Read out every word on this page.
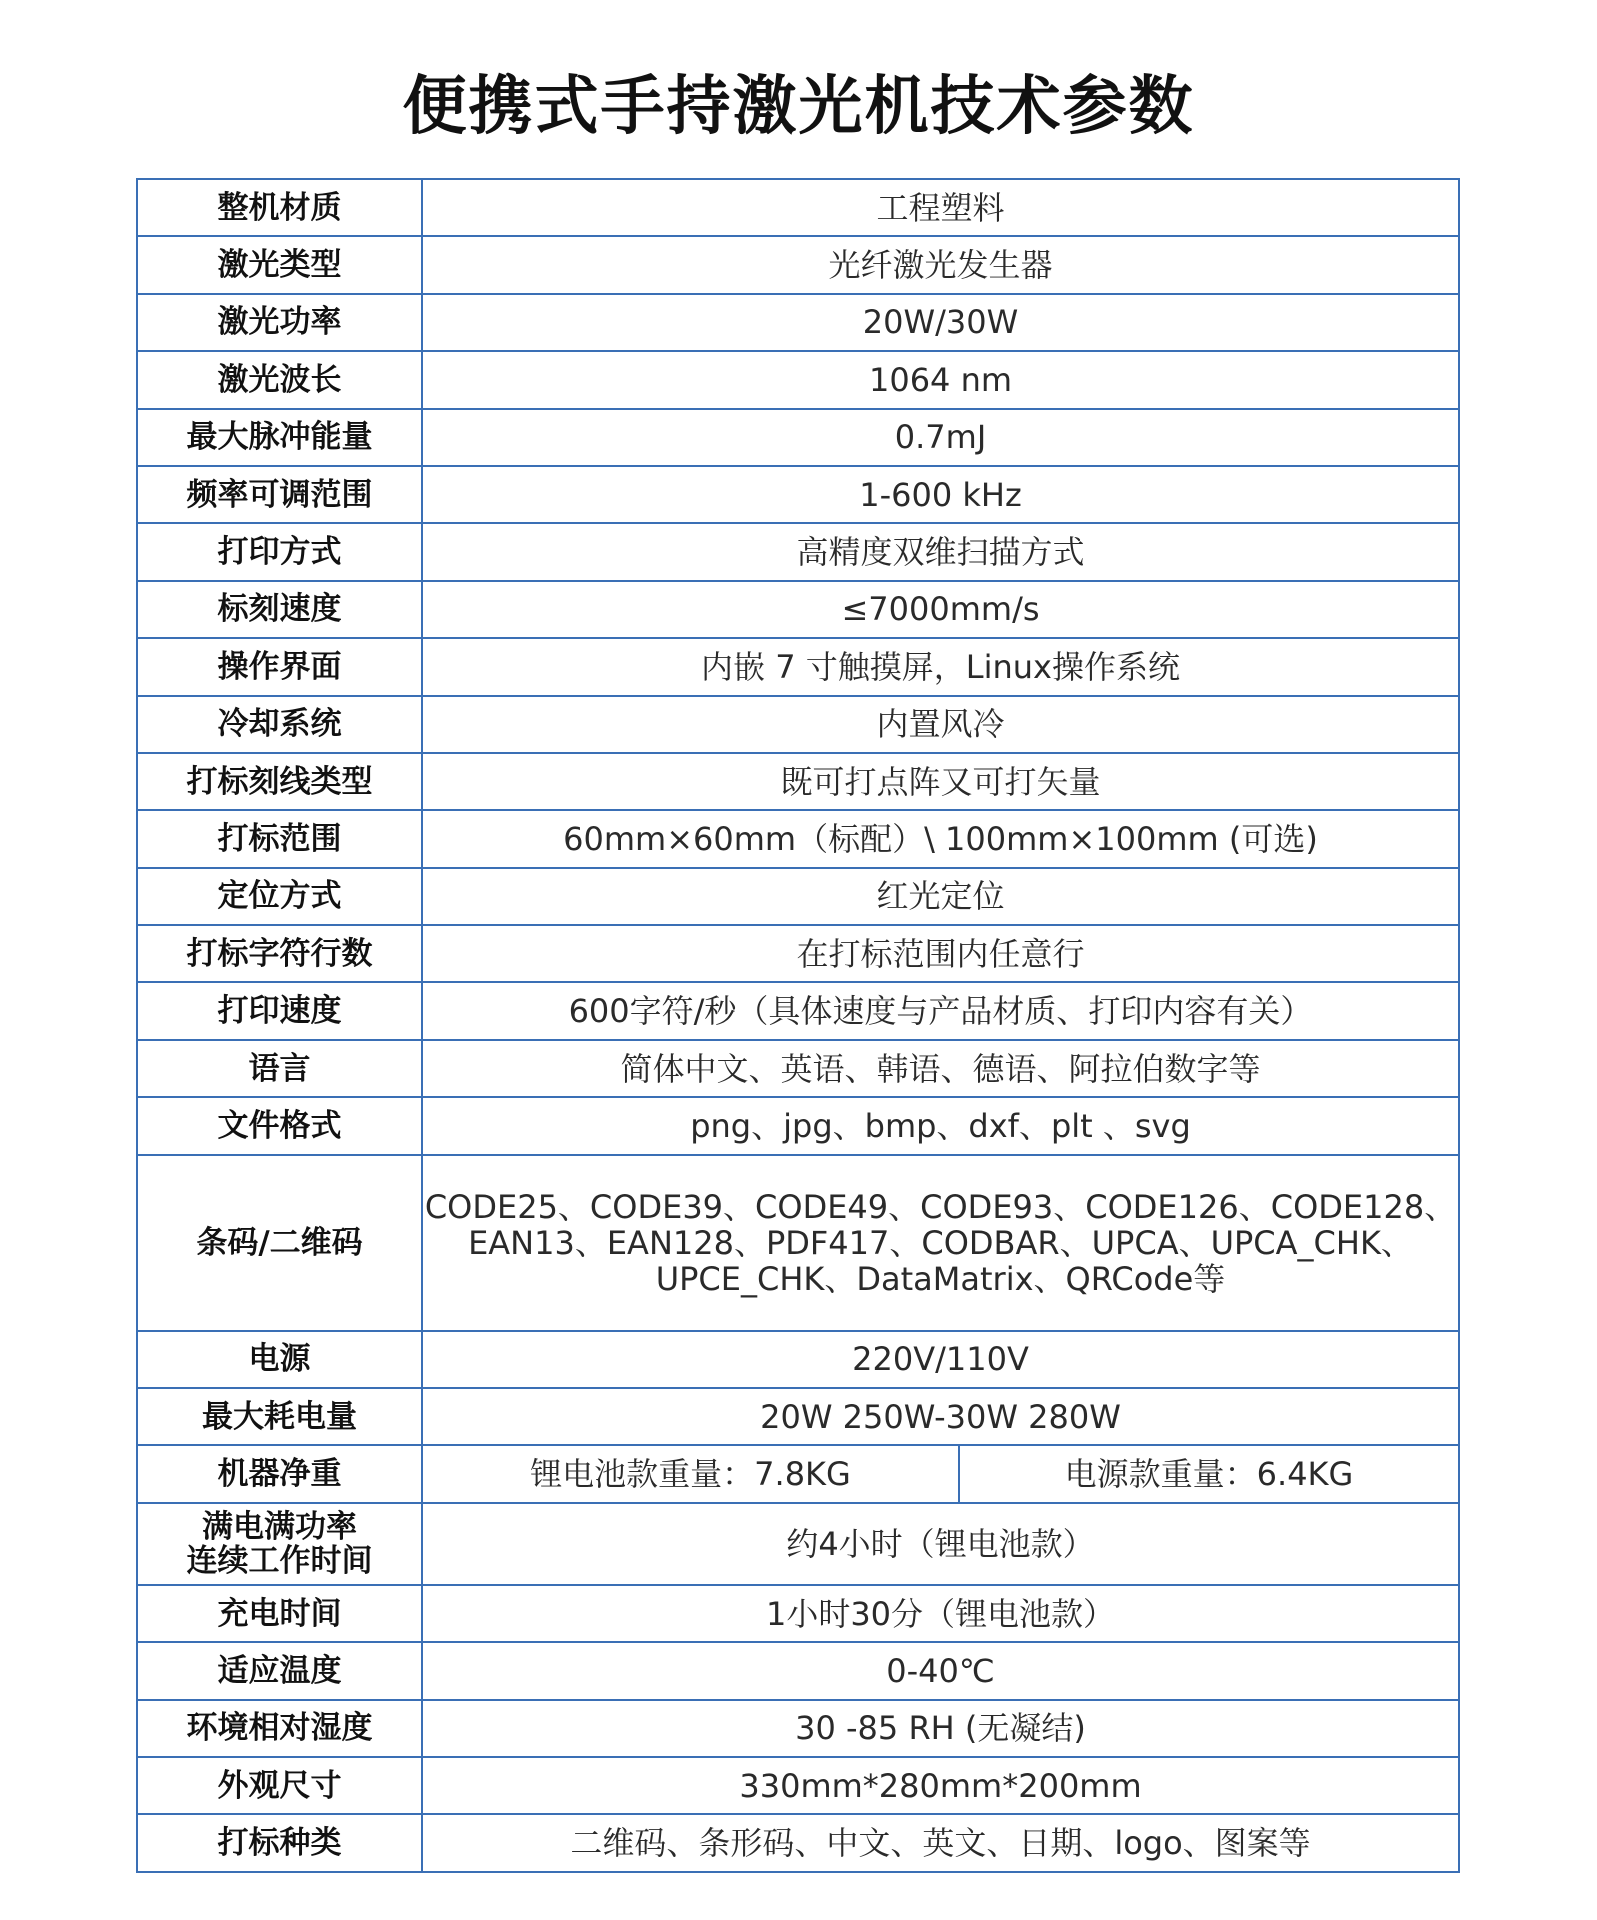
便携式手持激光机技术参数
整机材质	工程塑料	
激光类型	光纤激光发生器	
激光功率	20W/30W	
激光波长	1064 nm	
最大脉冲能量	0.7mJ	
频率可调范围	1-600 kHz	
打印方式	高精度双维扫描方式	
标刻速度	≤7000mm/s	
操作界面	内嵌 7 寸触摸屏，Linux操作系统	
冷却系统	内置风冷	
打标刻线类型	既可打点阵又可打矢量	
打标范围	60mm×60mm（标配）\ 100mm×100mm (可选)	
定位方式	红光定位	
打标字符行数	在打标范围内任意行	
打印速度	600字符/秒（具体速度与产品材质、打印内容有关）	
语言	简体中文、英语、韩语、德语、阿拉伯数字等	
文件格式	png、jpg、bmp、dxf、plt 、svg	
条码/二维码	CODE25、CODE39、CODE49、CODE93、CODE126、CODE128、
EAN13、EAN128、PDF417、CODBAR、UPCA、UPCA_CHK、
UPCE_CHK、DataMatrix、QRCode等	

电源	220V/110V	
最大耗电量	20W 250W-30W 280W	
机器净重	锂电池款重量：7.8KG	电源款重量：6.4KG

满电满功率
连续工作时间	约4小时（锂电池款）	
充电时间	1小时30分（锂电池款）	
适应温度	0-40℃	
环境相对湿度	30 -85 RH (无凝结)	
外观尺寸	330mm*280mm*200mm	
打标种类	二维码、条形码、中文、英文、日期、logo、图案等	
